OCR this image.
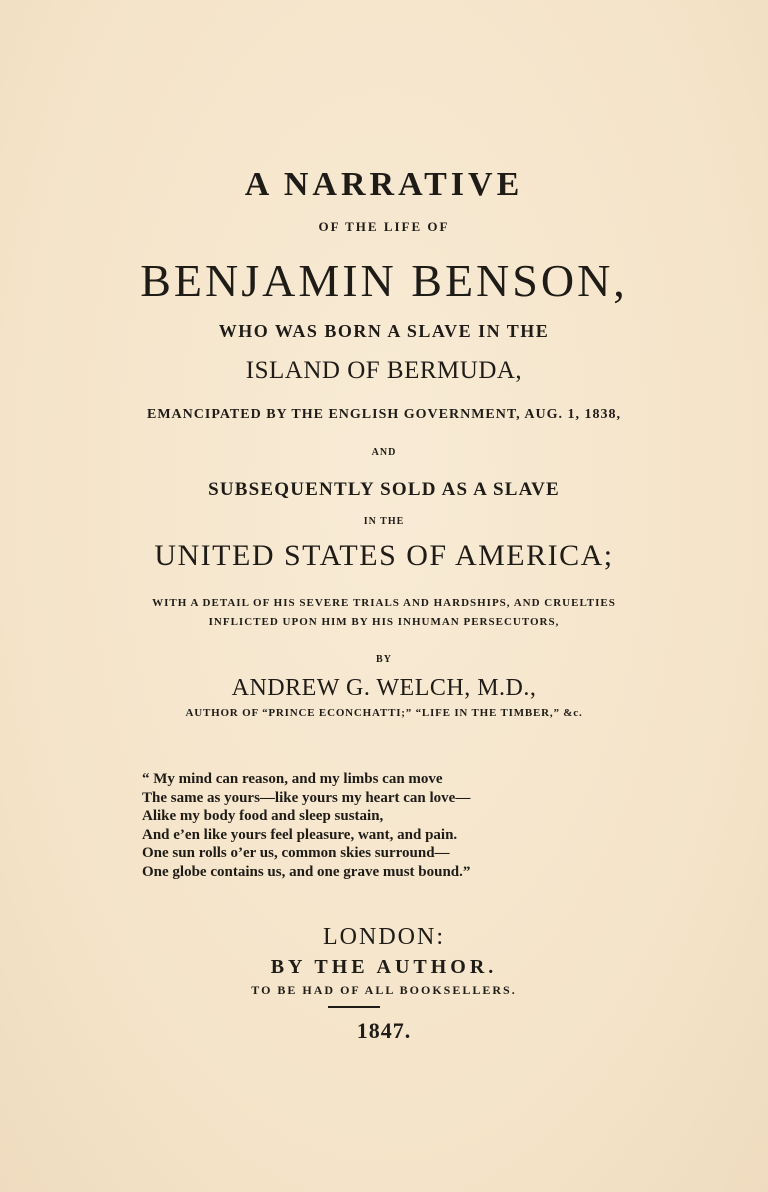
A NARRATIVE
OF THE LIFE OF
BENJAMIN BENSON,
WHO WAS BORN A SLAVE IN THE
ISLAND OF BERMUDA,
EMANCIPATED BY THE ENGLISH GOVERNMENT, AUG. 1, 1838,
AND
SUBSEQUENTLY SOLD AS A SLAVE
IN THE
UNITED STATES OF AMERICA;
WITH A DETAIL OF HIS SEVERE TRIALS AND HARDSHIPS, AND CRUELTIES
INFLICTED UPON HIM BY HIS INHUMAN PERSECUTORS,
BY
ANDREW G. WELCH, M.D.,
AUTHOR OF “PRINCE ECONCHATTI;” “LIFE IN THE TIMBER,” &c.
“ My mind can reason, and my limbs can move
The same as yours—like yours my heart can love—
Alike my body food and sleep sustain,
And e’en like yours feel pleasure, want, and pain.
One sun rolls o’er us, common skies surround—
One globe contains us, and one grave must bound.”
LONDON:
BY THE AUTHOR.
TO BE HAD OF ALL BOOKSELLERS.
1847.
